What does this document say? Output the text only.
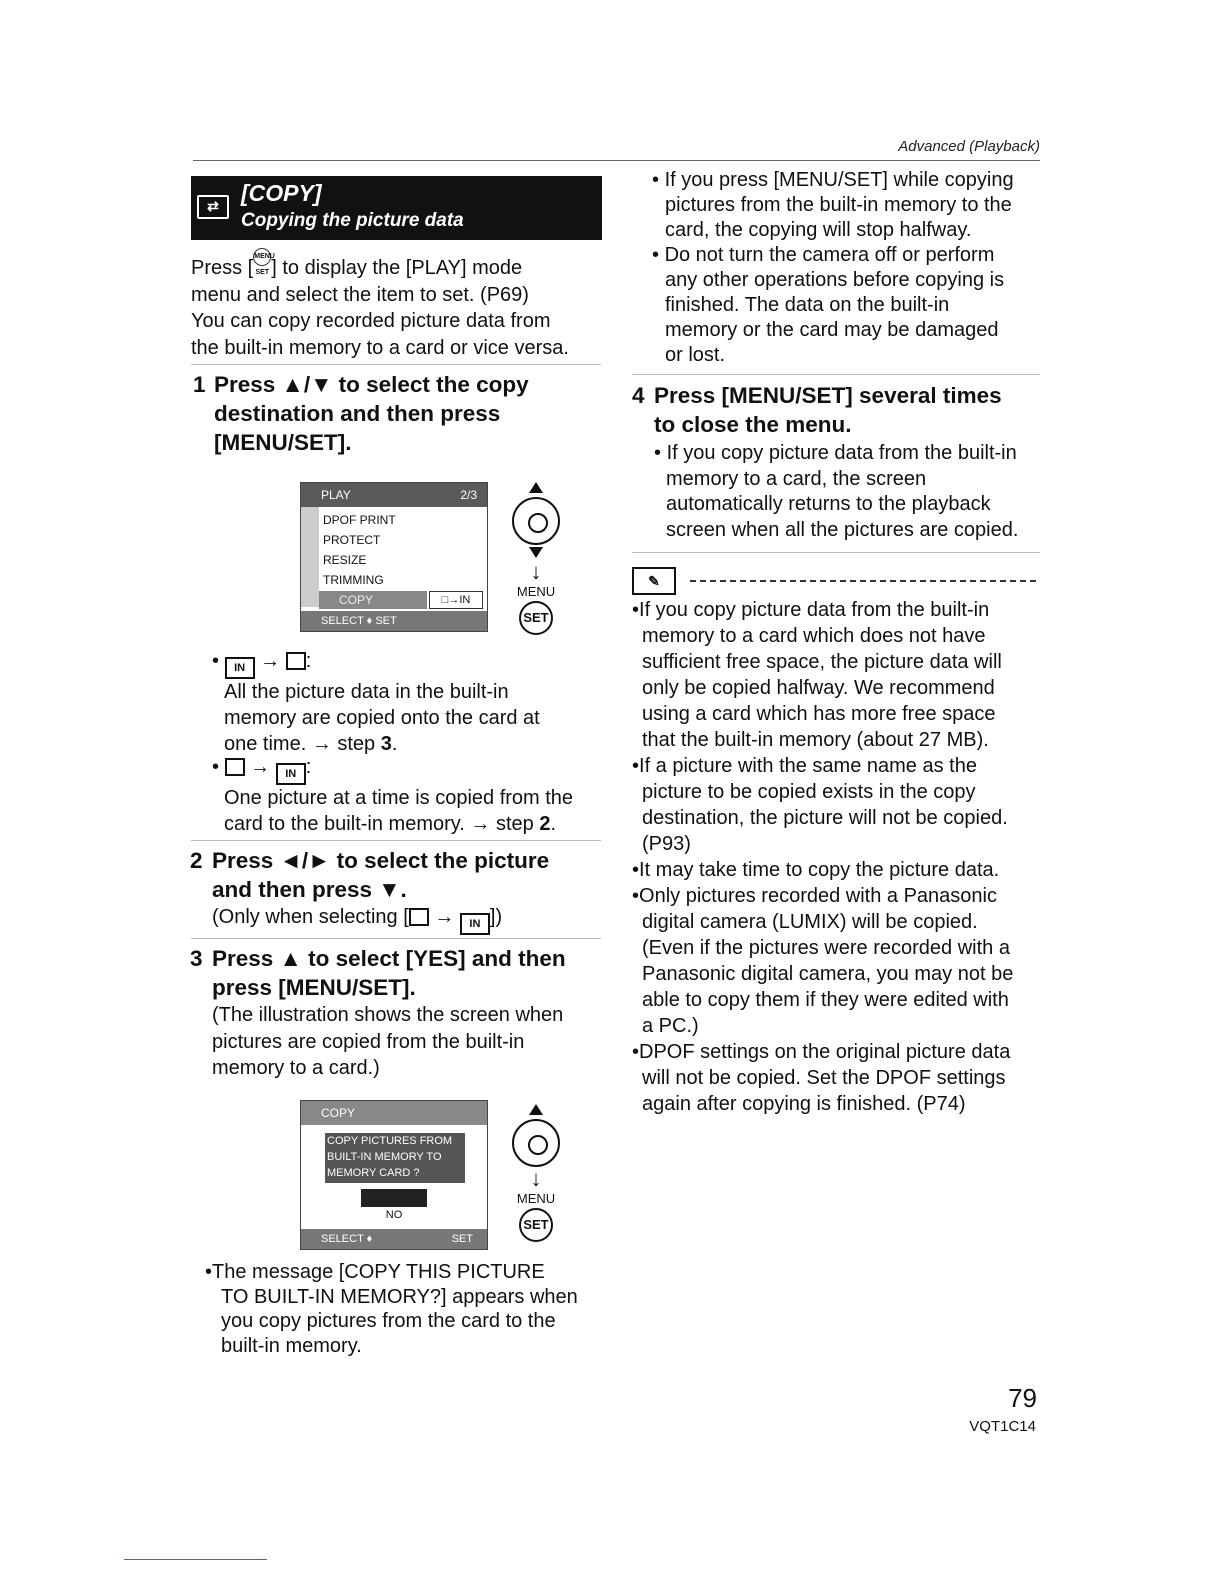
Advanced (Playback)
⇄ [COPY]
Copying the picture data
Press [MENU SET ] to display the [PLAY] mode
menu and select the item to set. (P69)
You can copy recorded picture data from
the built-in memory to a card or vice versa.
1 Press ▲/▼ to select the copy
destination and then press
[MENU/SET].
PLAY	2/3
DPOF PRINT
PROTECT
RESIZE
TRIMMING
COPY	□→IN
SELECT ♦ SET
↓
MENU
SET
• IN → :
All the picture data in the built-in
memory are copied onto the card at
one time. → step 3.
•  → IN :
One picture at a time is copied from the
card to the built-in memory. → step 2.
2 Press ◄/► to select the picture
and then press ▼.
(Only when selecting [ → IN ])
3 Press ▲ to select [YES] and then
press [MENU/SET].
(The illustration shows the screen when
pictures are copied from the built-in
memory to a card.)
COPY
COPY PICTURES FROM
BUILT-IN MEMORY TO
MEMORY CARD ?
YES
NO
SELECT ♦	SET
↓
MENU
SET
•The message [COPY THIS PICTURE
TO BUILT-IN MEMORY?] appears when
you copy pictures from the card to the
built-in memory.
• If you press [MENU/SET] while copying
pictures from the built-in memory to the
card, the copying will stop halfway.
• Do not turn the camera off or perform
any other operations before copying is
finished. The data on the built-in
memory or the card may be damaged
or lost.
4 Press [MENU/SET] several times
to close the menu.
• If you copy picture data from the built-in
memory to a card, the screen
automatically returns to the playback
screen when all the pictures are copied.
✎
•If you copy picture data from the built-in
memory to a card which does not have
sufficient free space, the picture data will
only be copied halfway. We recommend
using a card which has more free space
that the built-in memory (about 27 MB).
•If a picture with the same name as the
picture to be copied exists in the copy
destination, the picture will not be copied.
(P93)
•It may take time to copy the picture data.
•Only pictures recorded with a Panasonic
digital camera (LUMIX) will be copied.
(Even if the pictures were recorded with a
Panasonic digital camera, you may not be
able to copy them if they were edited with
a PC.)
•DPOF settings on the original picture data
will not be copied. Set the DPOF settings
again after copying is finished. (P74)
79
VQT1C14
